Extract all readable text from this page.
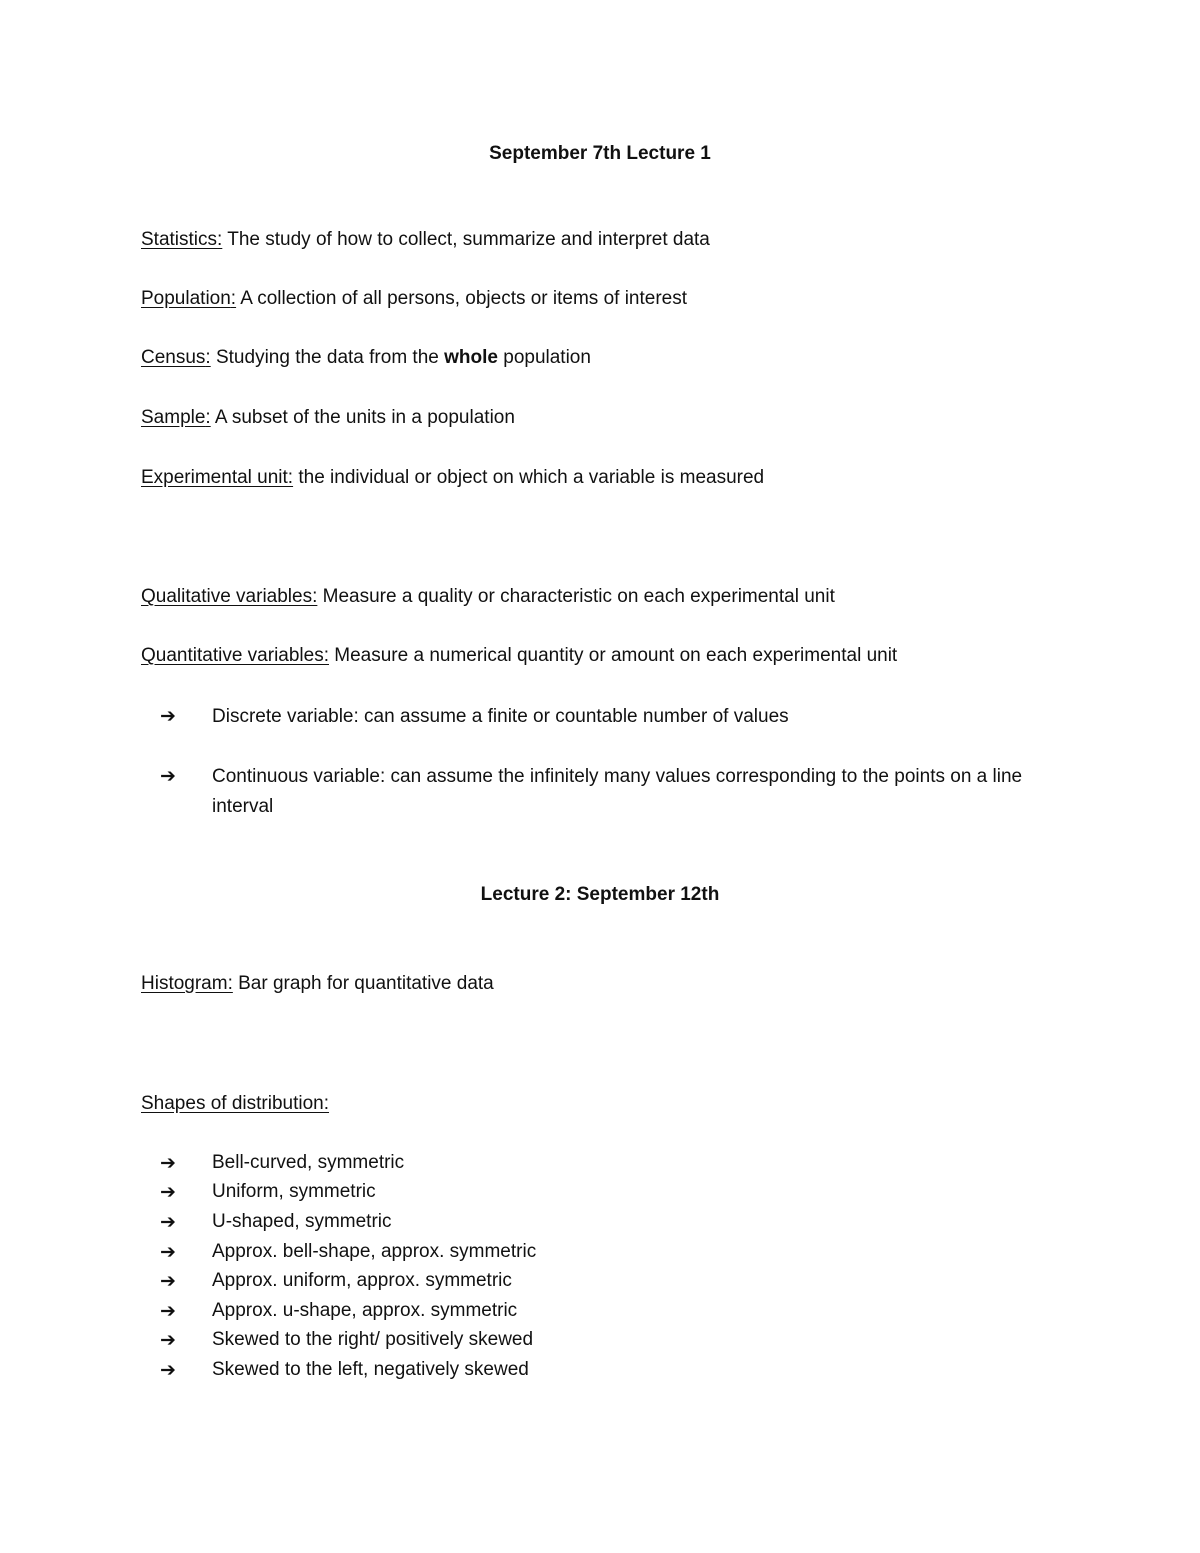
September 7th Lecture 1
Statistics: The study of how to collect, summarize and interpret data
Population: A collection of all persons, objects or items of interest
Census: Studying the data from the whole population
Sample: A subset of the units in a population
Experimental unit: the individual or object on which a variable is measured
Qualitative variables: Measure a quality or characteristic on each experimental unit
Quantitative variables: Measure a numerical quantity or amount on each experimental unit
➔	Discrete variable: can assume a finite or countable number of values
➔	Continuous variable: can assume the infinitely many values corresponding to the points on a line interval
Lecture 2: September 12th
Histogram: Bar graph for quantitative data
Shapes of distribution:
➔	Bell-curved, symmetric
➔	Uniform, symmetric
➔	U-shaped, symmetric
➔	Approx. bell-shape, approx. symmetric
➔	Approx. uniform, approx. symmetric
➔	Approx. u-shape, approx. symmetric
➔	Skewed to the right/ positively skewed
➔	Skewed to the left, negatively skewed
